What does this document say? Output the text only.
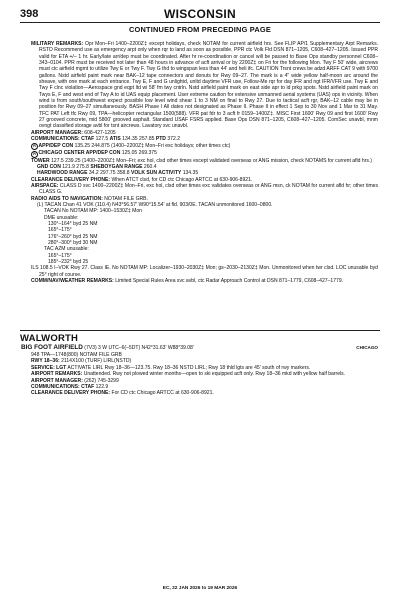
398	WISCONSIN
CONTINUED FROM PRECEDING PAGE

MILITARY REMARKS: Opr Mon–Fri 1400–2200Z‡ except holidays, check NOTAM for current airfield hrs. See FLIP AP/1 Supplementary Arpt Remarks. RSTD Recommend use as emergency arpt only when rqr to land as soon as possible. PPR ctc Volk Fld DSN 871–1205, C608–427–1205. Issued PPR valid for ETA +/– 1 hr. Early/late arr/dep must be coordinated. After hr re-coordination or cancel will be passed to Base Ops standby personnel C608–343–0104. PPR must be received not later than 48 hours in advance of acft arrival or by 2200Z‡ on Fri for the following Mon. Twy F 50' wide, aircrews must ctc airfield mgmt to utilize Twy E or Twy F. Twy G thd to wingspan less than 44' and heli ifc. CAUTION Trsnt crews be adzd ARFF CAT 9 with 9700 gallons. Nstd airfield paint mark near BAK–12 tape connectors and donuts for Rwy 09–27. The mark is a 4" wide yellow half-moon arc around the sheave, with one mark at each entrance. Twy E, F and G unlightd, unltd daytime VFR use, Follow-Me rqr for day IFR and ngt IFR/VFR use. Twy E and Twy F clnc violation—Aerospace gnd eqpt ltd wi 58' fm twy cntrln. Nstd airfield paint mark on east side apr to id prkg spots. Nstd airfield paint mark on Twys E, F and west end of Twy A to id UAS equip placement. User extreme caution for extensive unmanned aerial systems (UAS) ops in vicinity. When wind is from south/southwest expect possible low level wind shear 1 to 3 NM on final to Rwy 27. Due to tactical acft rgr, BAK–12 cable may be in position for Rwy 09–27 simultaneously. BASH Phase I All dates not designated as Phase II. Phase II in effect 1 Sep to 30 Nov and 1 Mar to 31 May. TFC PAT Left tfc Rwy 09, TPA—helicopter rectangular 1500(588). VFR pat fdr to 3 acft fr 0159–1400Z‡. MISC First 1600' Rwy 09 and first 1600' Rwy 27 grooved concrete, mid 5800' grooved asphalt. Standard USAF FSRS applied. Base Ops DSN 871–1205, C608–427–1205. ComSec unavbl, mnm ovngt classified storage avbl for tsnt aircrews. Lavatory svc unavbl.

AIRPORT MANAGER: 608-427-1205

COMMUNICATIONS: CTAF 127.5 ATIS 134.35 257.85 PTD 372.2

R APP/DEP CON 135.25 244.875 (1400–2200Z‡ Mon–Fri exc holidays; other times ctc)

R CHICAGO CENTER APP/DEP CON 125.05 269.375

TOWER 127.5 239.25 (1400–2200Z‡ Mon–Fri; exc hol, clsd other times except validated overseas or ANG mission, check NOTAMS for current afld hrs.)

GND CON 121.9 275.8 SHEBOYGAN RANGE 260.4

HARDWOOD RANGE 34.2 297.75 358.8 VOLK SUN ACTIVITY 134.35

CLEARANCE DELIVERY PHONE: When ATCT clsd, for CD ctc Chicago ARTCC at 630-906-8921.

AIRSPACE: CLASS D svc 1400–2200Z‡ Mon–Fri, exc hol, clsd other times exc validates overseas or ANG msn, ck NOTAM for current afld hr; other times CLASS G.

RADIO AIDS TO NAVIGATION: NOTAM FILE GRB.

(L) TACAN Chan 41 VOK (110.4) N43°56.57' W90°15.54' at fld. 903/0E. TACAN unmonitored 1600–0800.

TACAN No NOTAM MP: 1400–1530Z‡ Mon

DME unusable:

130°–164° byd 25 NM

165°–175°

176°–260° byd 25 NM

280°–300° byd 30 NM

TAC AZM unusable:

165°–175°

185°–232° byd 25

ILS 108.5 I–VOK Rwy 27. Class IE. No NOTAM MP: Localizer–1930–2030Z‡ Mon; gs–2030–2130Z‡ Mon. Unmonitored when twr clsd. LOC unusable byd 25° right of course.

COMM/NAV/WEATHER REMARKS: Limited Special Rules Area svc avbl, ctc Radar Approach Control at DSN 871–1779, C608–427–1779.

WALWORTH
BIG FOOT AIRFIELD (7V3) 3 W UTC–6(–5DT) N42°31.63' W88°39.08'	CHICAGO

948 TPA—1748(800) NOTAM FILE GRB

RWY 18–36: 2114X100 (TURF) LIRL(NSTD)

SERVICE: LGT ACTIVATE LIRL Rwy 18–36—123.75. Rwy 18–36 NSTD LIRL; Rwy 18 thld lgts are 45' south of rwy markers.

AIRPORT REMARKS: Unattended. Rwy not plowed winter months—open to ski equipped acft only. Rwy 18–36 mkd with yellow half barrels.

AIRPORT MANAGER: (262) 745-3299

COMMUNICATIONS: CTAF 122.9

CLEARANCE DELIVERY PHONE: For CD ctc Chicago ARTCC at 630-906-8921.

EC, 22 JAN 2026 to 19 MAR 2026
